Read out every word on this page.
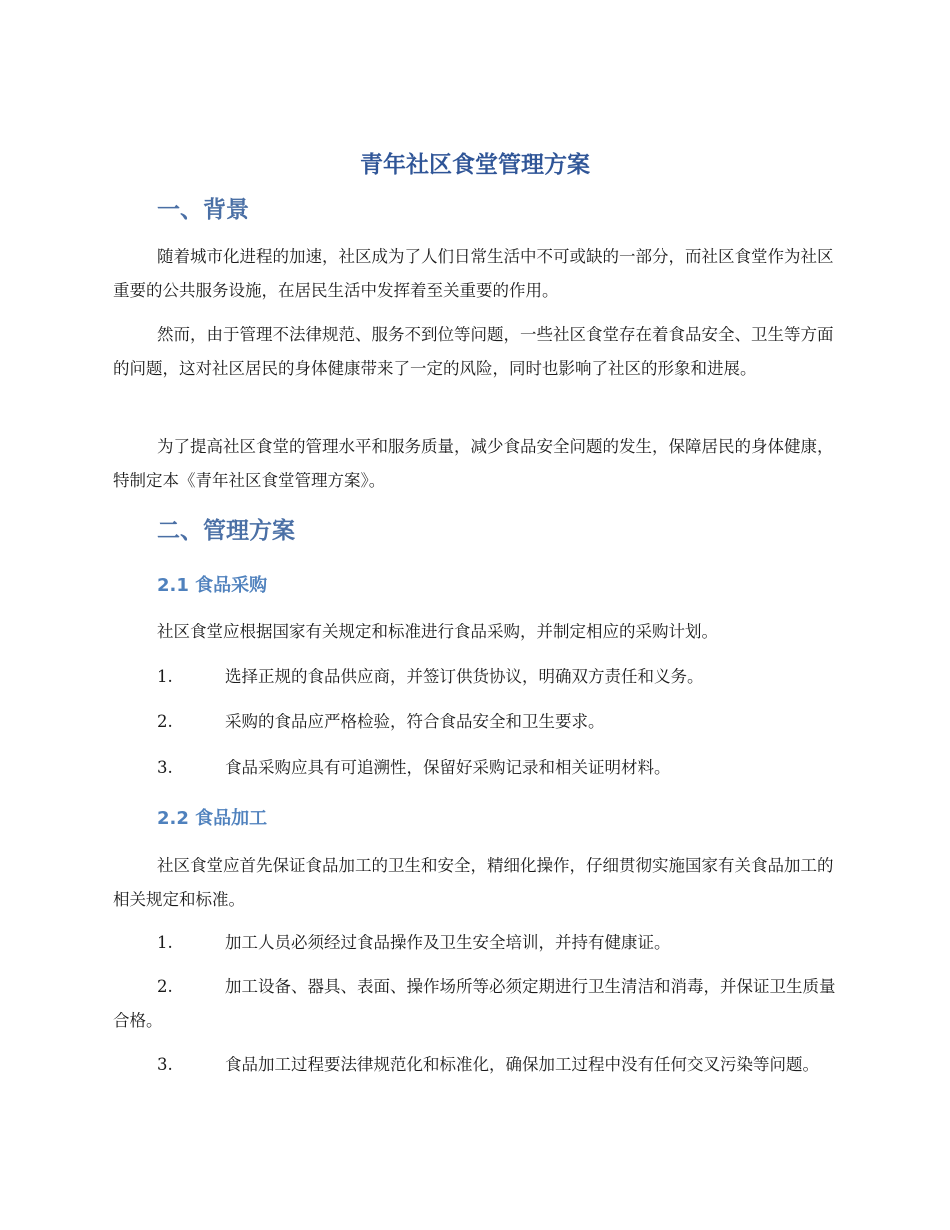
青年社区食堂管理方案
一、背景

随着城市化进程的加速，社区成为了人们日常生活中不可或缺的一部分，而社区食堂作为社区重要的公共服务设施，在居民生活中发挥着至关重要的作用。

然而，由于管理不法律规范、服务不到位等问题，一些社区食堂存在着食品安全、卫生等方面的问题，这对社区居民的身体健康带来了一定的风险，同时也影响了社区的形象和进展。

为了提高社区食堂的管理水平和服务质量，减少食品安全问题的发生，保障居民的身体健康，特制定本《青年社区食堂管理方案》。

二、管理方案
2.1 食品采购

社区食堂应根据国家有关规定和标准进行食品采购，并制定相应的采购计划。

1.	选择正规的食品供应商，并签订供货协议，明确双方责任和义务。

2.	采购的食品应严格检验，符合食品安全和卫生要求。

3.	食品采购应具有可追溯性，保留好采购记录和相关证明材料。

2.2 食品加工

社区食堂应首先保证食品加工的卫生和安全，精细化操作，仔细贯彻实施国家有关食品加工的相关规定和标准。

1.	加工人员必须经过食品操作及卫生安全培训，并持有健康证。

2.	加工设备、器具、表面、操作场所等必须定期进行卫生清洁和消毒，并保证卫生质量合格。

3.	食品加工过程要法律规范化和标准化，确保加工过程中没有任何交叉污染等问题。
